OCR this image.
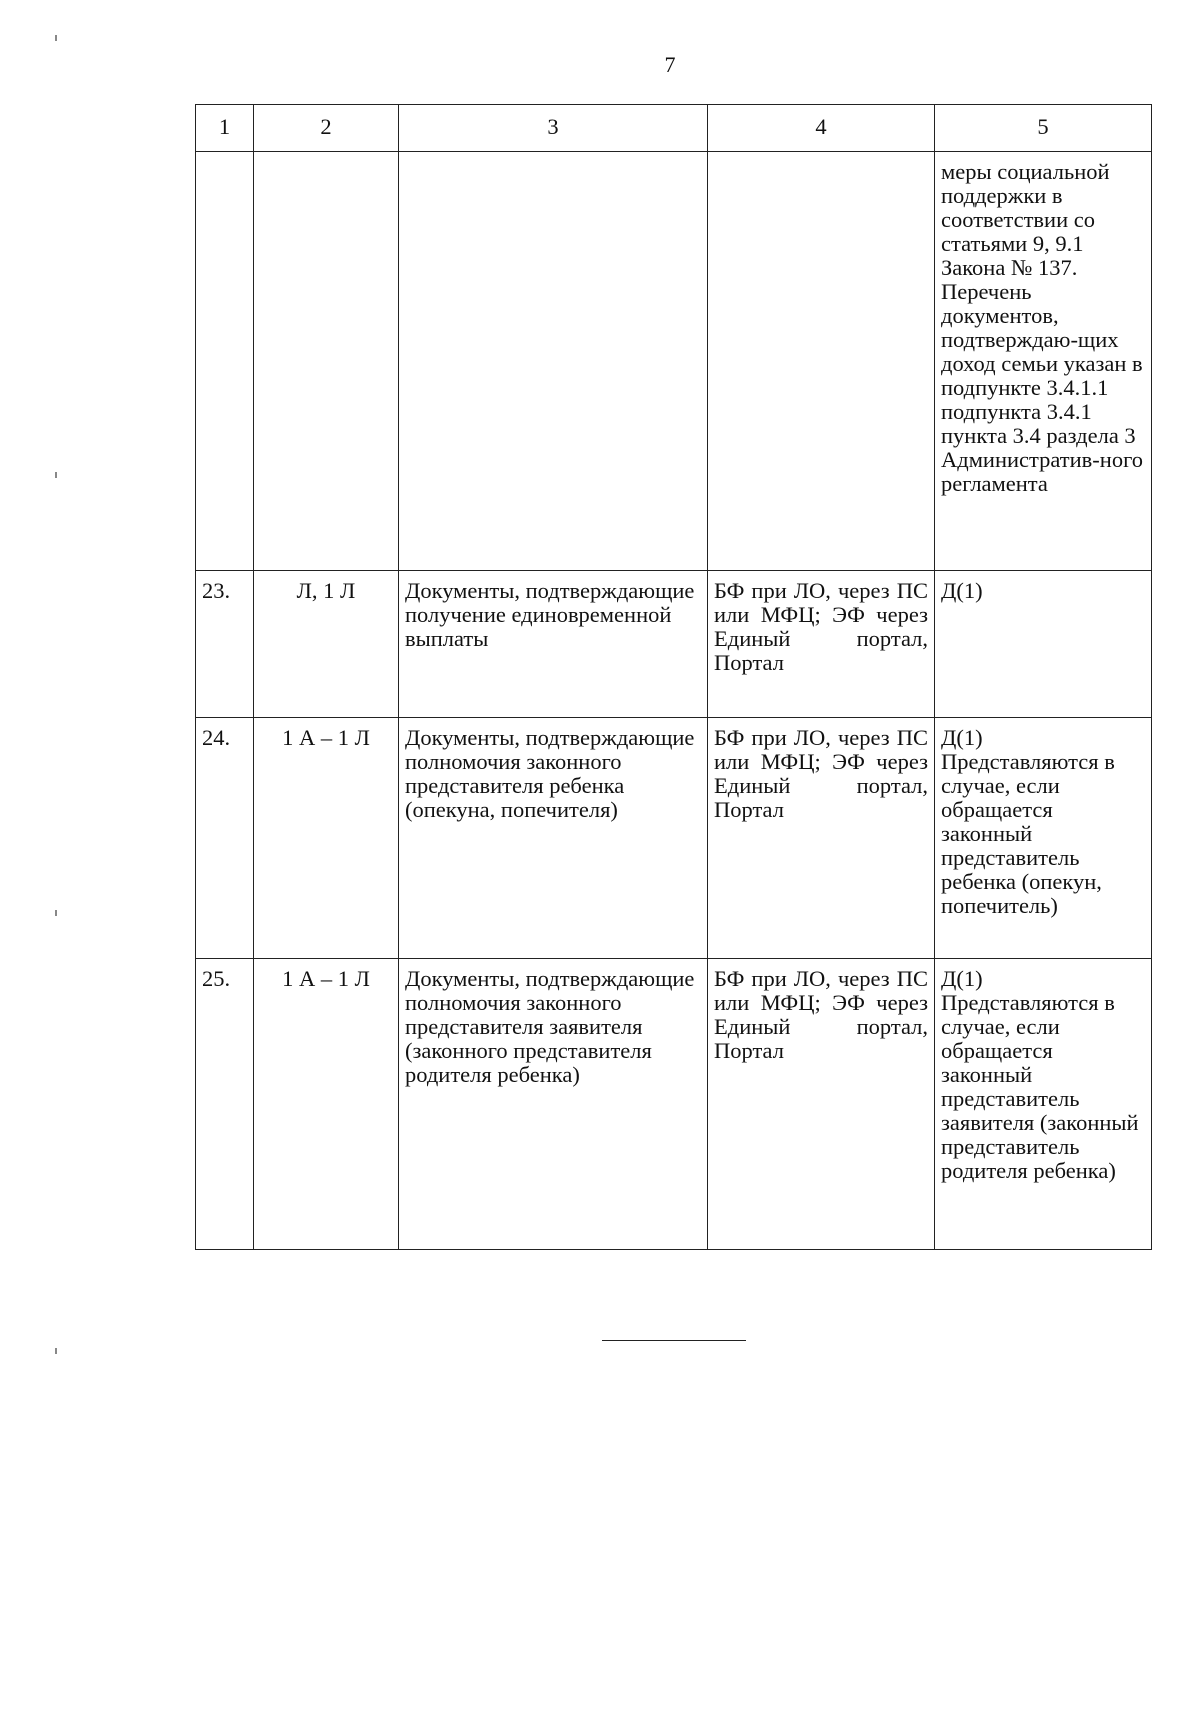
7
1	2	3	4	5
				меры социальной поддержки в соответствии со статьями 9, 9.1 Закона № 137. Перечень документов, подтверждаю-щих доход семьи указан в подпункте 3.4.1.1 подпункта 3.4.1 пункта 3.4 раздела 3 Административ-ного регламента
23.	Л, 1 Л	Документы, подтверждающие получение единовременной выплаты	БФ при ЛО, через ПС или МФЦ; ЭФ через Единый портал, Портал	Д(1)
24.	1 А – 1 Л	Документы, подтверждающие полномочия законного представителя ребенка (опекуна, попечителя)	БФ при ЛО, через ПС или МФЦ; ЭФ через Единый портал, Портал	Д(1) Представляются в случае, если обращается законный представитель ребенка (опекун, попечитель)
25.	1 А – 1 Л	Документы, подтверждающие полномочия законного представителя заявителя (законного представителя родителя ребенка)	БФ при ЛО, через ПС или МФЦ; ЭФ через Единый портал, Портал	Д(1) Представляются в случае, если обращается законный представитель заявителя (законный представитель родителя ребенка)
